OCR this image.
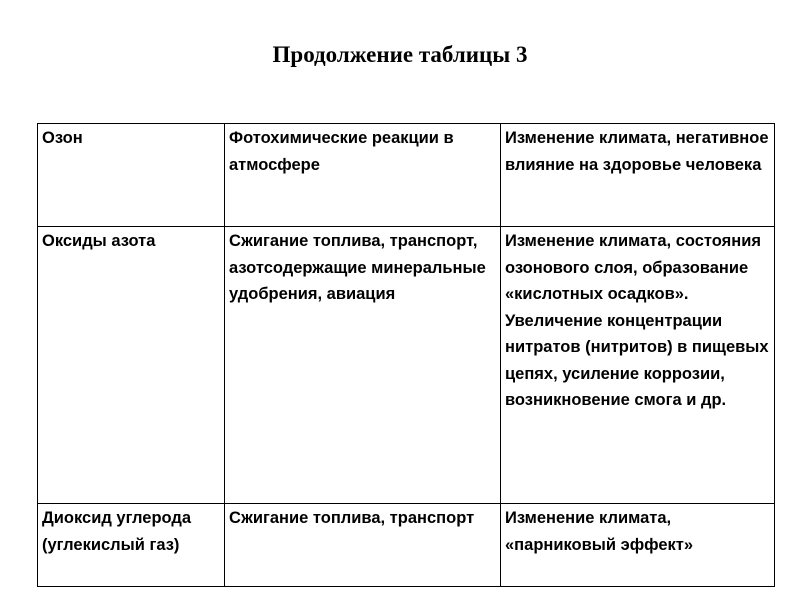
Продолжение таблицы 3
Озон	Фотохимические реакции в атмосфере	Изменение климата, негативное влияние на здоровье человека
Оксиды азота	Сжигание топлива, транспорт, азотсодержащие минеральные удобрения, авиация	Изменение климата, состояния озонового слоя, образование «кислотных осадков». Увеличение концентрации нитратов (нитритов) в пищевых цепях, усиление коррозии, возникновение смога и др.
Диоксид углерода (углекислый газ)	Сжигание топлива, транспорт	Изменение климата, «парниковый эффект»
